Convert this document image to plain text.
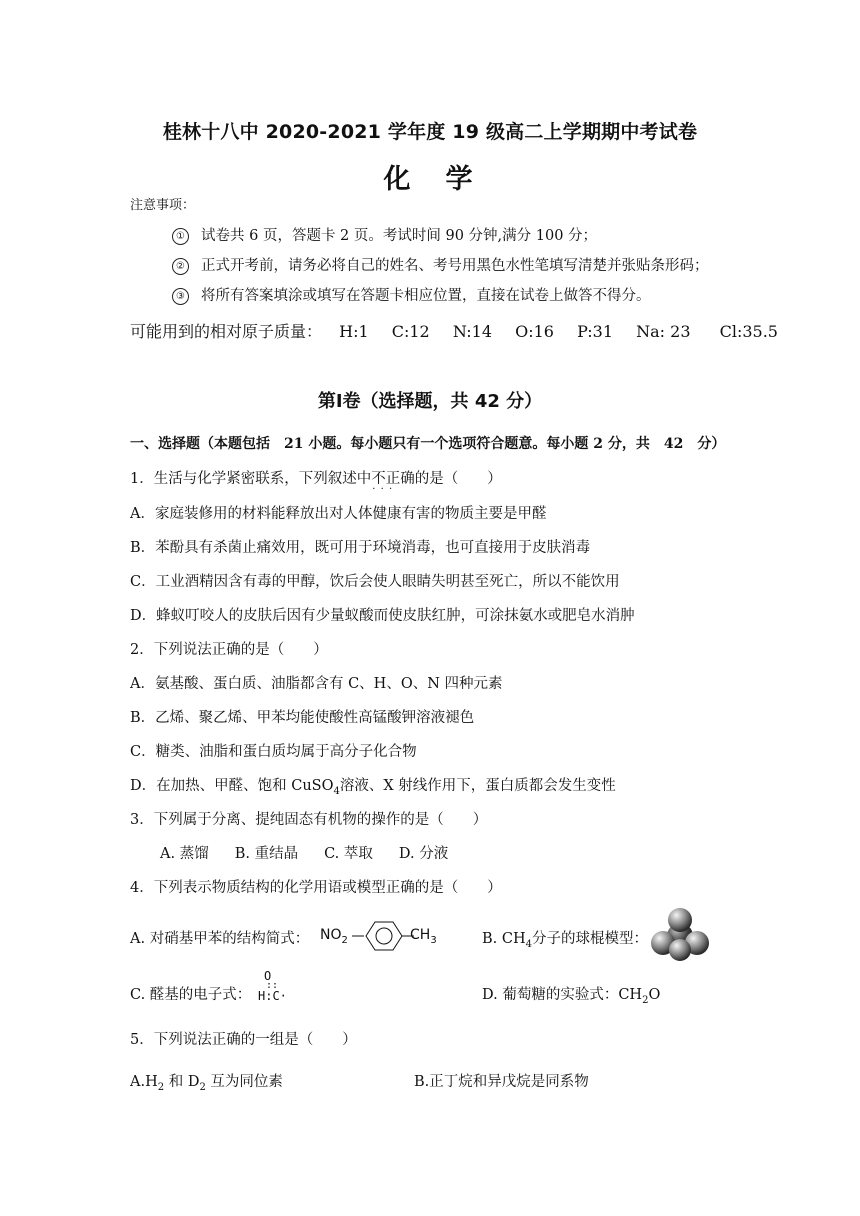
桂林十八中 2020-2021 学年度 19 级高二上学期期中考试卷
化　学
注意事项：
① 试卷共 6 页，答题卡 2 页。考试时间 90 分钟,满分 100 分；
② 正式开考前，请务必将自己的姓名、考号用黑色水性笔填写清楚并张贴条形码；
③ 将所有答案填涂或填写在答题卡相应位置，直接在试卷上做答不得分。
可能用到的相对原子质量： H:1 C:12 N:14 O:16 P:31 Na: 23 Cl:35.5
第Ⅰ卷（选择题，共 42 分）
一、选择题（本题包括　21 小题。每小题只有一个选项符合题意。每小题 2 分，共　42　分）
1．生活与化学紧密联系，下列叙述中不正确 · · ·的是（　　）
A．家庭装修用的材料能释放出对人体健康有害的物质主要是甲醛
B．苯酚具有杀菌止痛效用，既可用于环境消毒，也可直接用于皮肤消毒
C．工业酒精因含有毒的甲醇，饮后会使人眼睛失明甚至死亡，所以不能饮用
D．蜂蚁叮咬人的皮肤后因有少量蚁酸而使皮肤红肿，可涂抹氨水或肥皂水消肿
2．下列说法正确的是（　　）
A．氨基酸、蛋白质、油脂都含有 C、H、O、N 四种元素
B．乙烯、聚乙烯、甲苯均能使酸性高锰酸钾溶液褪色
C．糖类、油脂和蛋白质均属于高分子化合物
D．在加热、甲醛、饱和 CuSO$_4$溶液、X 射线作用下，蛋白质都会发生变性
3．下列属于分离、提纯固态有机物的操作的是（　　）
A. 蒸馏 B. 重结晶 C. 萃取 D. 分液
4．下列表示物质结构的化学用语或模型正确的是（　　）
A. 对硝基甲苯的结构简式： $NO_2$	$CH_3$	B. $CH_4$分子的球棍模型：
C. 醛基的电子式：
O
::
H:C·	D. 葡萄糖的实验式：$CH_2O$
5．下列说法正确的一组是（　　）
$A.H_2$ 和 $D_2$ 互为同位素	B.正丁烷和异戊烷是同系物
